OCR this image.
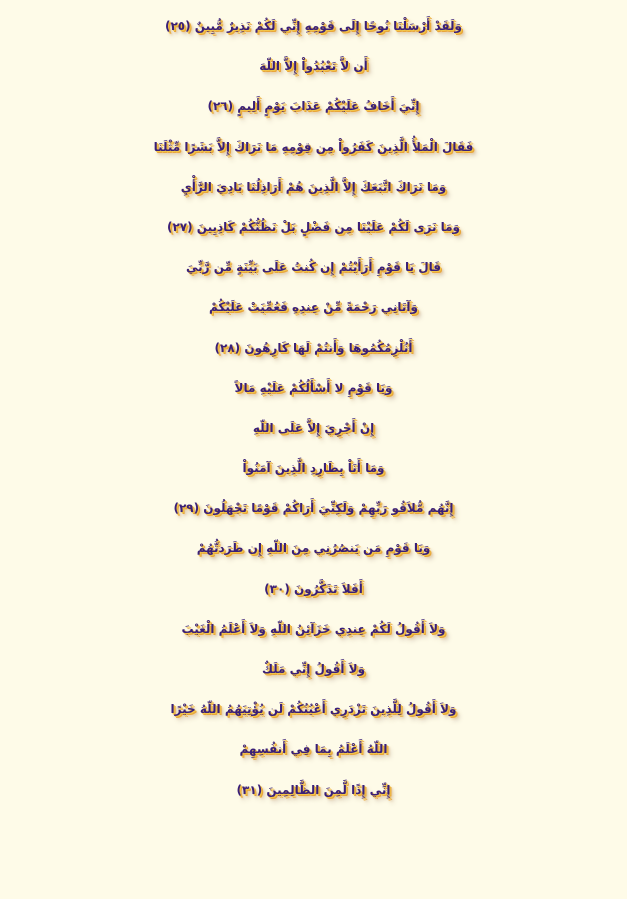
وَلَقَدْ أَرْسَلْنَا نُوحًا إِلَى قَوْمِهِ إِنِّي لَكُمْ نَذِيرٌ مُّبِينٌ (٢٥)
أَن لاَّ تَعْبُدُواْ إِلاَّ اللّهَ
إِنِّيَ أَخَافُ عَلَيْكُمْ عَذَابَ يَوْمٍ أَلِيمٍ (٢٦)
فَقَالَ الْمَلأُ الَّذِينَ كَفَرُواْ مِن قِوْمِهِ مَا نَرَاكَ إِلاَّ بَشَرًا مِّثْلَنَا
وَمَا نَرَاكَ اتَّبَعَكَ إِلاَّ الَّذِينَ هُمْ أَرَاذِلُنَا بَادِيَ الرَّأْيِ
وَمَا نَرَى لَكُمْ عَلَيْنَا مِن فَضْلٍ بَلْ نَظُنُّكُمْ كَاذِبِينَ (٢٧)
قَالَ يَا قَوْمِ أَرَأَيْتُمْ إِن كُنتُ عَلَى بَيِّنَةٍ مِّن رَّبِّيَ
وَآتَانِي رَحْمَةً مِّنْ عِندِهِ فَعُمِّيَتْ عَلَيْكُمْ
أَنُلْزِمُكُمُوهَا وَأَنتُمْ لَهَا كَارِهُونَ (٢٨)
وَيَا قَوْمِ لا أَسْأَلُكُمْ عَلَيْهِ مَالاً
إِنْ أَجْرِيَ إِلاَّ عَلَى اللّهِ
وَمَا أَنَاْ بِطَارِدِ الَّذِينَ آمَنُواْ
إِنَّهُم مُّلاَقُو رَبِّهِمْ وَلَكِنِّيَ أَرَاكُمْ قَوْمًا تَجْهَلُونَ (٢٩)
وَيَا قَوْمِ مَن يَنصُرُنِي مِنَ اللّهِ إِن طَرَدتُّهُمْ
أَفَلاَ تَذَكَّرُونَ (٣٠)
وَلاَ أَقُولُ لَكُمْ عِندِي خَزَآئِنُ اللّهِ وَلاَ أَعْلَمُ الْغَيْبَ
وَلاَ أَقُولُ إِنِّي مَلَكٌ
وَلاَ أَقُولُ لِلَّذِينَ تَزْدَرِي أَعْيُنُكُمْ لَن يُؤْتِيَهُمُ اللّهُ خَيْرًا
اللّهُ أَعْلَمُ بِمَا فِي أَنفُسِهِمْ
إِنِّي إِذًا لَّمِنَ الظَّالِمِينَ (٣١)
